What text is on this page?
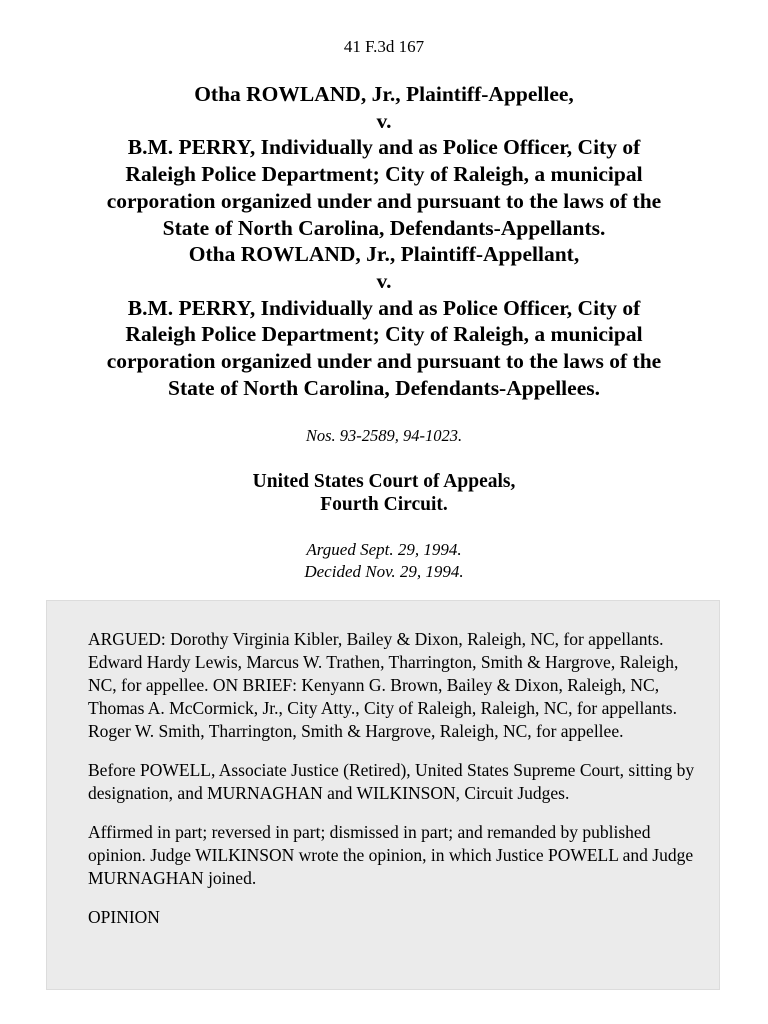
41 F.3d 167
Otha ROWLAND, Jr., Plaintiff-Appellee,
v.
B.M. PERRY, Individually and as Police Officer, City of
Raleigh Police Department; City of Raleigh, a municipal
corporation organized under and pursuant to the laws of the
State of North Carolina, Defendants-Appellants.
Otha ROWLAND, Jr., Plaintiff-Appellant,
v.
B.M. PERRY, Individually and as Police Officer, City of
Raleigh Police Department; City of Raleigh, a municipal
corporation organized under and pursuant to the laws of the
State of North Carolina, Defendants-Appellees.
Nos. 93-2589, 94-1023.
United States Court of Appeals,
Fourth Circuit.
Argued Sept. 29, 1994.
Decided Nov. 29, 1994.

ARGUED: Dorothy Virginia Kibler, Bailey & Dixon, Raleigh, NC, for appellants. Edward Hardy Lewis, Marcus W. Trathen, Tharrington, Smith & Hargrove, Raleigh, NC, for appellee. ON BRIEF: Kenyann G. Brown, Bailey & Dixon, Raleigh, NC, Thomas A. McCormick, Jr., City Atty., City of Raleigh, Raleigh, NC, for appellants. Roger W. Smith, Tharrington, Smith & Hargrove, Raleigh, NC, for appellee.

Before POWELL, Associate Justice (Retired), United States Supreme Court, sitting by designation, and MURNAGHAN and WILKINSON, Circuit Judges.

Affirmed in part; reversed in part; dismissed in part; and remanded by published opinion. Judge WILKINSON wrote the opinion, in which Justice POWELL and Judge MURNAGHAN joined.

OPINION
